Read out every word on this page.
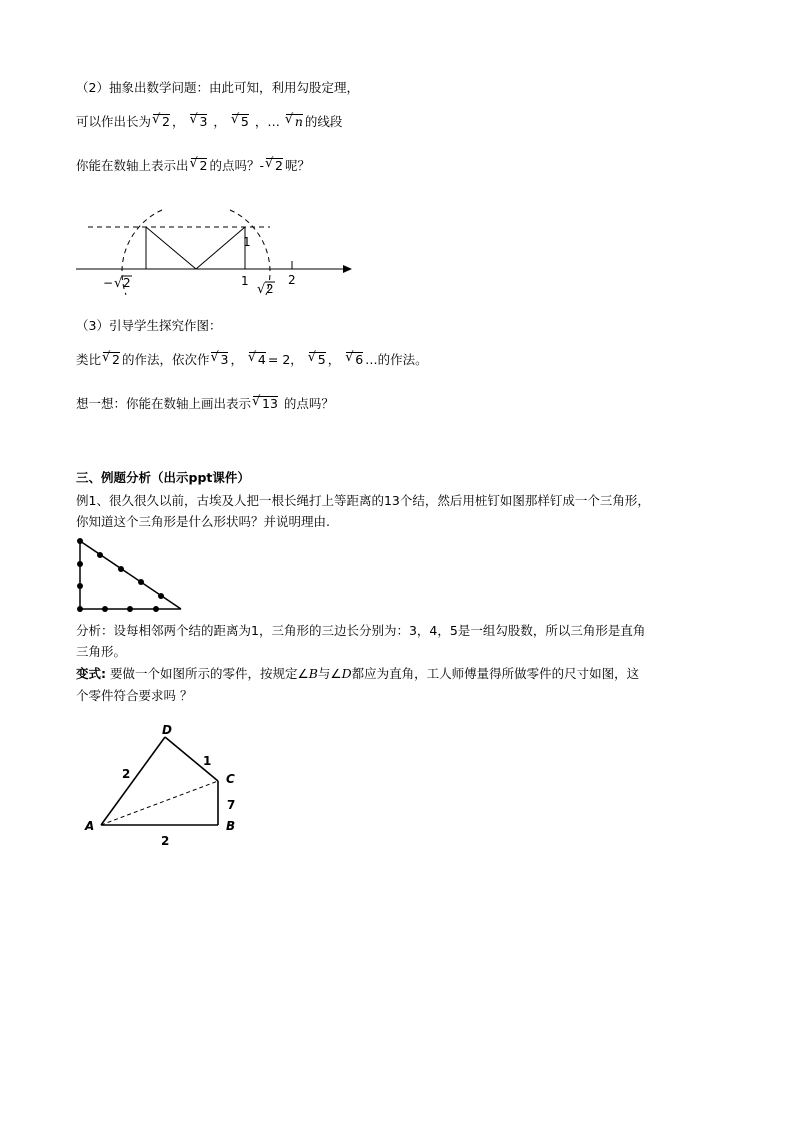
（2）抽象出数学问题：由此可知，利用勾股定理，
可以作出长为 √ 2 ， √ 3 ， √ 5 ，… √ n 的线段
你能在数轴上表示出 √ 2 的点吗？- √ 2 呢？
1
− √ 2	1
√ 2
2
（3）引导学生探究作图：
类比 √ 2 的作法，依次作 √ 3 ， √ 4 = 2， √ 5 ， √ 6 …的作法。
想一想：你能在数轴上画出表示 √ 13 的点吗？
三、例题分析（出示ppt课件）
例1、很久很久以前，古埃及人把一根长绳打上等距离的13个结，然后用桩钉如图那样钉成一个三角形，
你知道这个三角形是什么形状吗？并说明理由.
分析：设每相邻两个结的距离为1，三角形的三边长分别为：3，4，5是一组勾股数，所以三角形是直角
三角形。
变式: 要做一个如图所示的零件，按规定∠B与∠D都应为直角，工人师傅量得所做零件的尺寸如图，这
个零件符合要求吗 ？
D
C
A	B
2
1
7
2
